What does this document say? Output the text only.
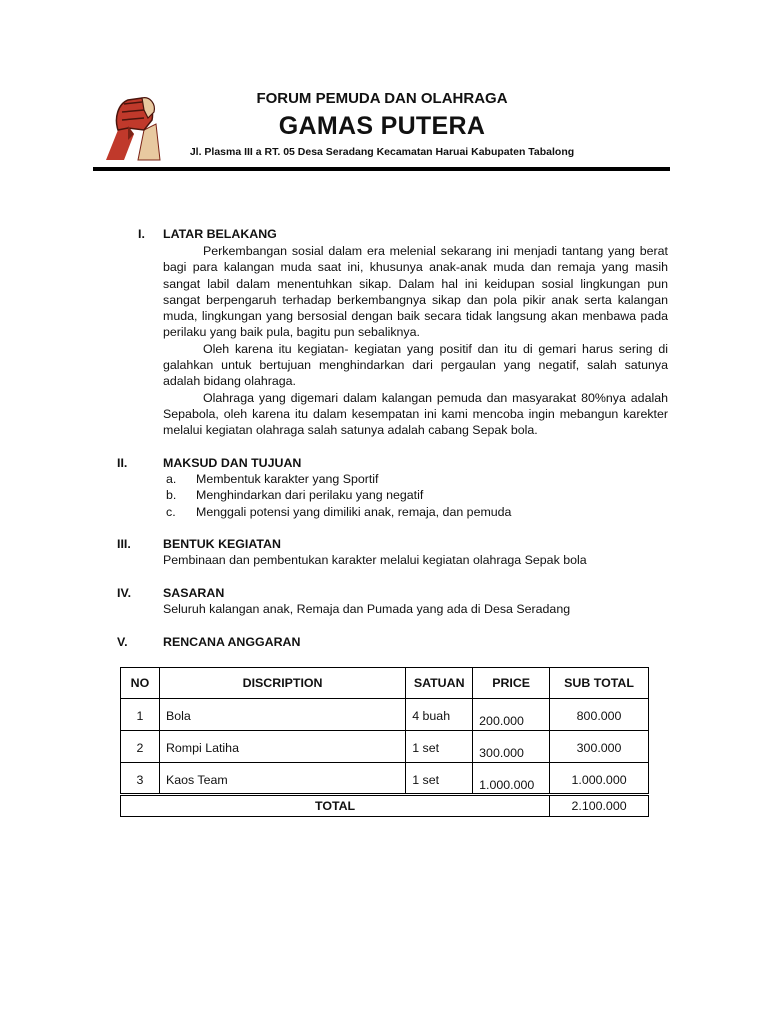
FORUM PEMUDA DAN OLAHRAGA
GAMAS PUTERA
Jl. Plasma III a RT. 05 Desa Seradang Kecamatan Haruai Kabupaten Tabalong
I. LATAR BELAKANG

Perkembangan sosial dalam era melenial sekarang ini menjadi tantang yang berat bagi para kalangan muda saat ini, khusunya anak-anak muda dan remaja yang masih sangat labil dalam menentuhkan sikap. Dalam hal ini keidupan sosial lingkungan pun sangat berpengaruh terhadap berkembangnya sikap dan pola pikir anak serta kalangan muda, lingkungan yang bersosial dengan baik secara tidak langsung akan menbawa pada perilaku yang baik pula, bagitu pun sebaliknya.

Oleh karena itu kegiatan- kegiatan yang positif dan itu di gemari harus sering di galahkan untuk bertujuan menghindarkan dari pergaulan yang negatif, salah satunya adalah bidang olahraga.

Olahraga yang digemari dalam kalangan pemuda dan masyarakat 80%nya adalah Sepabola, oleh karena itu dalam kesempatan ini kami mencoba ingin mebangun karekter melalui kegiatan olahraga salah satunya adalah cabang Sepak bola.

II.	MAKSUD DAN TUJUAN
a. Membentuk karakter yang Sportif
b. Menghindarkan dari perilaku yang negatif
c. Menggali potensi yang dimiliki anak, remaja, dan pemuda
III.	BENTUK KEGIATAN
Pembinaan dan pembentukan karakter melalui kegiatan olahraga Sepak bola
IV.	SASARAN
Seluruh kalangan anak, Remaja dan Pumada yang ada di Desa Seradang
V.	RENCANA ANGGARAN
NO	DISCRIPTION	SATUAN	PRICE	SUB TOTAL
1	Bola	4 buah	200.000	800.000
2	Rompi Latiha	1 set	300.000	300.000
3	Kaos Team	1 set	1.000.000	1.000.000
TOTAL				2.100.000
